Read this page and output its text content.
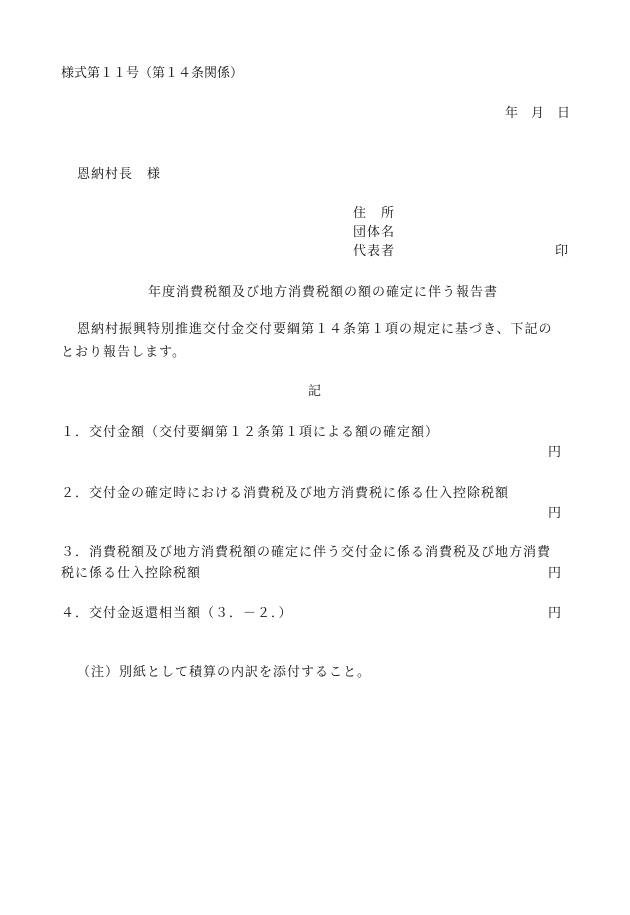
様式第１１号（第１４条関係）
年　月　日
恩納村長　様
住　所
団体名
代表者	印
年度消費税額及び地方消費税額の額の確定に伴う報告書
恩納村振興特別推進交付金交付要綱第１４条第１項の規定に基づき、下記の
とおり報告します。
記
１．交付金額（交付要綱第１２条第１項による額の確定額）
円
２．交付金の確定時における消費税及び地方消費税に係る仕入控除税額
円
３．消費税額及び地方消費税額の確定に伴う交付金に係る消費税及び地方消費
税に係る仕入控除税額	円
４．交付金返還相当額（３．－２．）	円
（注）別紙として積算の内訳を添付すること。
